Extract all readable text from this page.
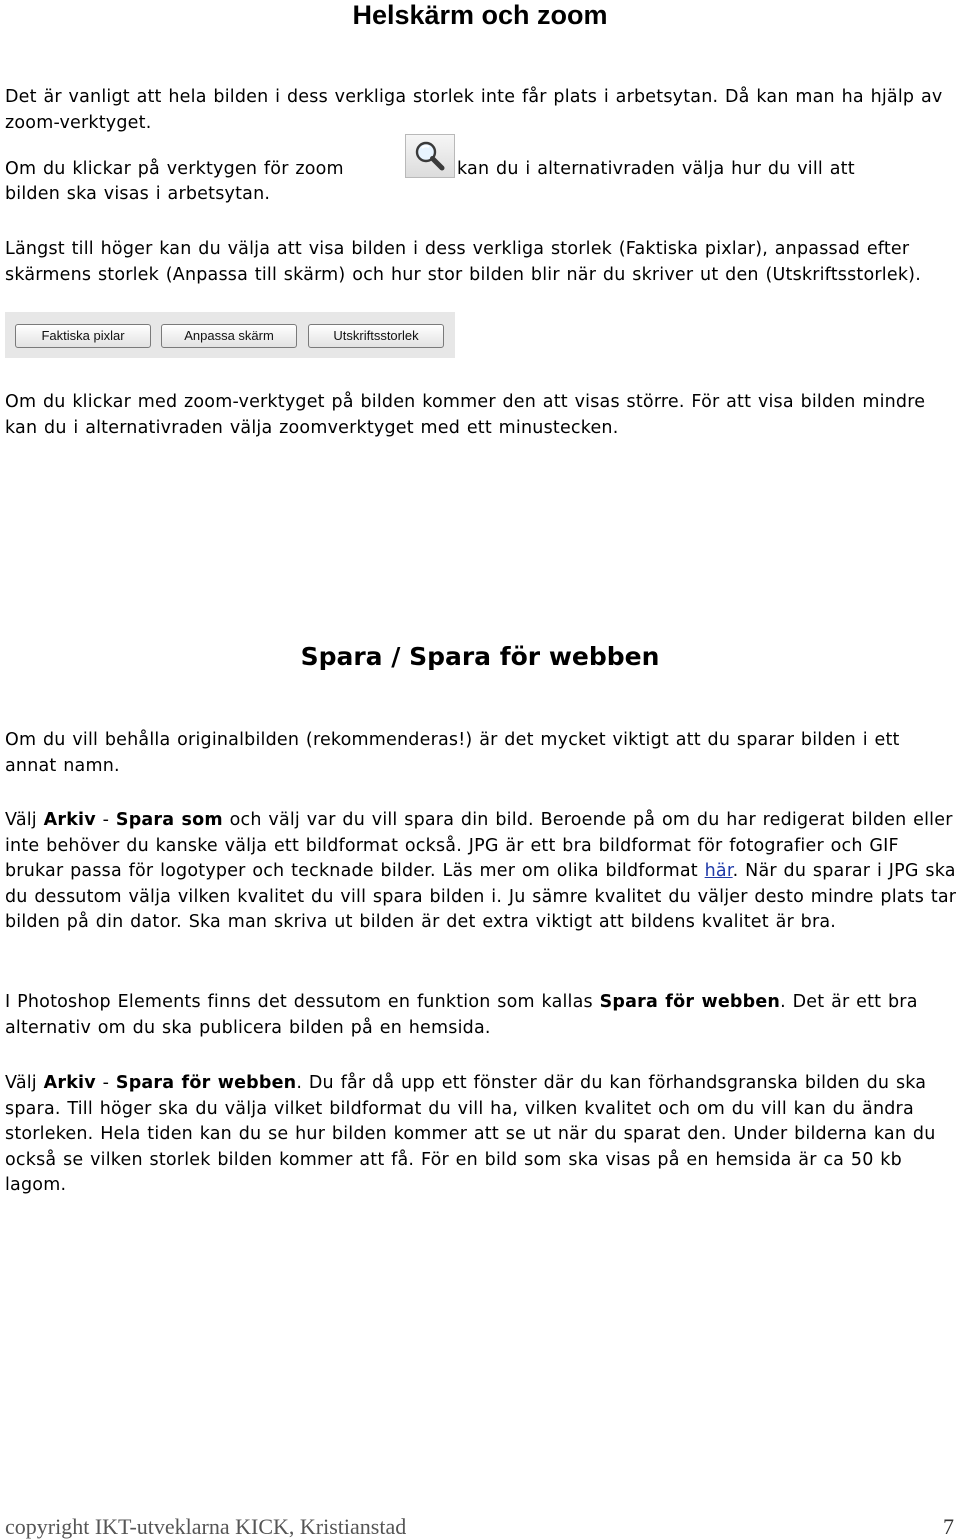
Helskärm och zoom

Det är vanligt att hela bilden i dess verkliga storlek inte får plats i arbetsytan. Då kan man ha hjälp av zoom-verktyget.

Om du klickar på verktygen för zoom	kan du i alternativraden välja hur du vill att
bilden ska visas i arbetsytan.

Längst till höger kan du välja att visa bilden i dess verkliga storlek (Faktiska pixlar), anpassad efter skärmens storlek (Anpassa till skärm) och hur stor bilden blir när du skriver ut den (Utskriftsstorlek).

Faktiska pixlar	Anpassa skärm	Utskriftsstorlek

Om du klickar med zoom-verktyget på bilden kommer den att visas större. För att visa bilden mindre kan du i alternativraden välja zoomverktyget med ett minustecken.

Spara / Spara för webben

Om du vill behålla originalbilden (rekommenderas!) är det mycket viktigt att du sparar bilden i ett annat namn.

Välj Arkiv - Spara som och välj var du vill spara din bild. Beroende på om du har redigerat bilden eller inte behöver du kanske välja ett bildformat också. JPG är ett bra bildformat för fotografier och GIF brukar passa för logotyper och tecknade bilder. Läs mer om olika bildformat här. När du sparar i JPG ska du dessutom välja vilken kvalitet du vill spara bilden i. Ju sämre kvalitet du väljer desto mindre plats tar bilden på din dator. Ska man skriva ut bilden är det extra viktigt att bildens kvalitet är bra.

I Photoshop Elements finns det dessutom en funktion som kallas Spara för webben. Det är ett bra alternativ om du ska publicera bilden på en hemsida.

Välj Arkiv - Spara för webben. Du får då upp ett fönster där du kan förhandsgranska bilden du ska spara. Till höger ska du välja vilket bildformat du vill ha, vilken kvalitet och om du vill kan du ändra storleken. Hela tiden kan du se hur bilden kommer att se ut när du sparat den. Under bilderna kan du också se vilken storlek bilden kommer att få. För en bild som ska visas på en hemsida är ca 50 kb lagom.

copyright IKT-utveklarna KICK, Kristianstad	7
